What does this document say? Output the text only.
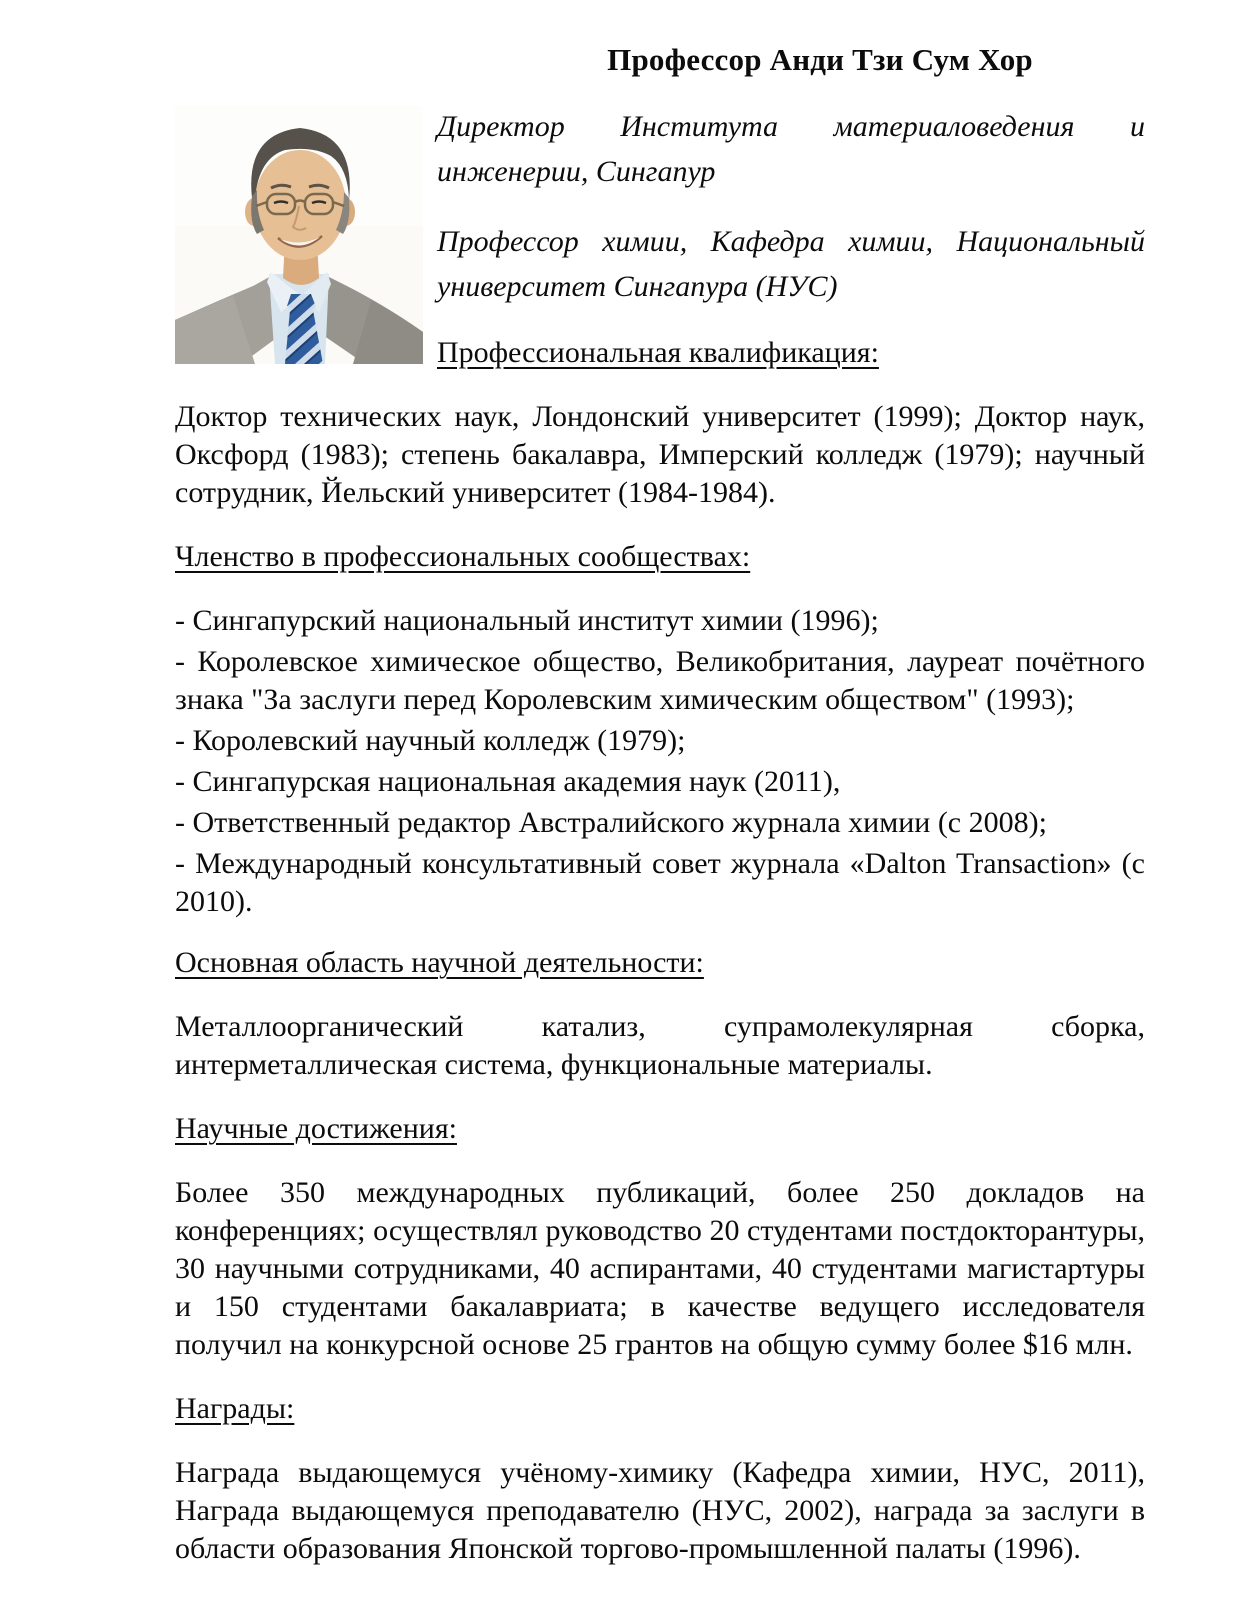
Профессор Анди Тзи Сум Хор

Директор Института материаловедения и инженерии, Сингапур

Профессор химии, Кафедра химии, Национальный университет Сингапура (НУС)

Профессиональная квалификация:

Доктор технических наук, Лондонский университет (1999); Доктор наук, Оксфорд (1983); степень бакалавра, Имперский колледж (1979); научный сотрудник, Йельский университет (1984-1984).

Членство в профессиональных сообществах:

- Сингапурский национальный институт химии (1996);

- Королевское химическое общество, Великобритания, лауреат почётного знака "За заслуги перед Королевским химическим обществом" (1993);

- Королевский научный колледж (1979);

- Сингапурская национальная академия наук (2011),

- Ответственный редактор Австралийского журнала химии (с 2008);

- Международный консультативный совет журнала «Dalton Transaction» (с 2010).

Основная область научной деятельности:

Металлоорганический катализ, супрамолекулярная сборка, интерметаллическая система, функциональные материалы.

Научные достижения:

Более 350 международных публикаций, более 250 докладов на конференциях; осуществлял руководство 20 студентами постдокторантуры, 30 научными сотрудниками, 40 аспирантами, 40 студентами магистартуры и 150 студентами бакалавриата; в качестве ведущего исследователя получил на конкурсной основе 25 грантов на общую сумму более $16 млн.

Награды:

Награда выдающемуся учёному-химику (Кафедра химии, НУС, 2011), Награда выдающемуся преподавателю (НУС, 2002), награда за заслуги в области образования Японской торгово-промышленной палаты (1996).
